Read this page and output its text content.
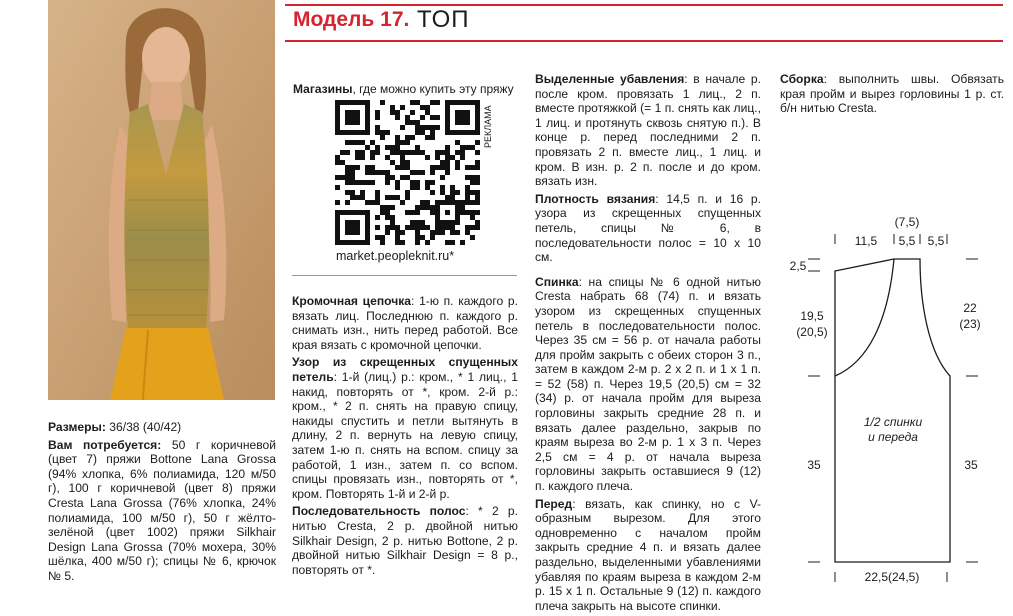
Модель 17. ТОП
Магазины, где можно купить эту пряжу
РЕКЛАМА
market.peopleknit.ru*

Размеры: 36/38 (40/42)

Вам потребуется: 50 г коричневой (цвет 7) пряжи Bottone Lana Grossa (94% хлопка, 6% полиамида, 120 м/50 г), 100 г коричневой (цвет 8) пряжи Cresta Lana Grossa (76% хлопка, 24% полиамида, 100 м/50 г), 50 г жёлто-зелёной (цвет 1002) пряжи Silkhair Design Lana Grossa (70% мохера, 30% шёлка, 400 м/50 г); спицы № 6, крючок № 5.

Кромочная цепочка: 1-ю п. каждого р. вязать лиц. Последнюю п. каждого р. снимать изн., нить перед работой. Все края вязать с кромочной цепочки.

Узор из скрещенных спущенных петель: 1-й (лиц.) р.: кром., * 1 лиц., 1 накид, повторять от *, кром. 2-й р.: кром., * 2 п. снять на правую спицу, накиды спустить и петли вытянуть в длину, 2 п. вернуть на левую спицу, затем 1-ю п. снять на вспом. спицу за работой, 1 изн., затем п. со вспом. спицы провязать изн., повторять от *, кром. Повторять 1-й и 2-й р.

Последовательность полос: * 2 р. нитью Cresta, 2 р. двойной нитью Silkhair Design, 2 р. нитью Bottone, 2 р. двойной нитью Silkhair Design = 8 р., повторять от *.

Выделенные убавления: в начале р. после кром. провязать 1 лиц., 2 п. вместе протяжкой (= 1 п. снять как лиц., 1 лиц. и протянуть сквозь снятую п.). В конце р. перед последними 2 п. провязать 2 п. вместе лиц., 1 лиц. и кром. В изн. р. 2 п. после и до кром. вязать изн.

Плотность вязания: 14,5 п. и 16 р. узора из скрещенных спущенных петель, спицы № 6, в последовательности полос = 10 х 10 см.

Спинка: на спицы № 6 одной нитью Cresta набрать 68 (74) п. и вязать узором из скрещенных спущенных петель в последовательности полос. Через 35 см = 56 р. от начала работы для пройм закрыть с обеих сторон 3 п., затем в каждом 2-м р. 2 х 2 п. и 1 х 1 п. = 52 (58) п. Через 19,5 (20,5) см = 32 (34) р. от начала пройм для выреза горловины закрыть средние 28 п. и вязать далее раздельно, закрыв по краям выреза во 2-м р. 1 х 3 п. Через 2,5 см = 4 р. от начала выреза горловины закрыть оставшиеся 9 (12) п. каждого плеча.

Перед: вязать, как спинку, но с V-образным вырезом. Для этого одновременно с началом пройм закрыть средние 4 п. и вязать далее раздельно, выделенными убавлениями убавляя по краям выреза в каждом 2-м р. 15 х 1 п. Остальные 9 (12) п. каждого плеча закрыть на высоте спинки.

Сборка: выполнить швы. Обвязать края пройм и вырез горловины 1 р. ст. б/н нитью Cresta.

(7,5)
11,5 5,5 5,5
2,5
19,5
(20,5)
35
22
(23)
35
22,5(24,5)
1/2 спинки
и переда
